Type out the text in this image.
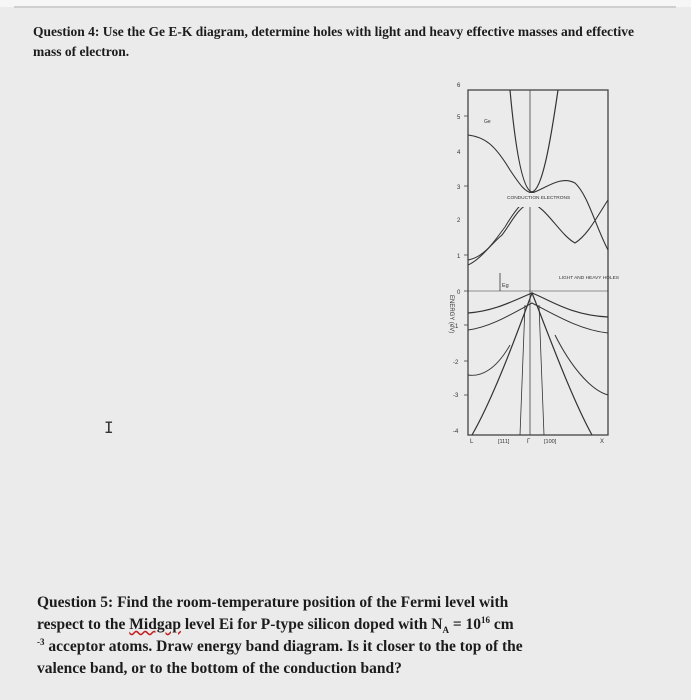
Question 4: Use the Ge E-K diagram, determine holes with light and heavy effective masses and effective mass of electron.
ENERGY (eV)
6
5
4
3
2
1
0
-1
-2
-3
-4
Eg
Ge
CONDUCTION ELECTRONS
LIGHT AND HEAVY HOLES
L	[111]	Γ [100]	X
I
Question 5: Find the room-temperature position of the Fermi level with
respect to the Midgap level Ei for P-type silicon doped with $N_A = 10^{16}$ cm
$^{-3}$ acceptor atoms. Draw energy band diagram. Is it closer to the top of the
valence band, or to the bottom of the conduction band?
